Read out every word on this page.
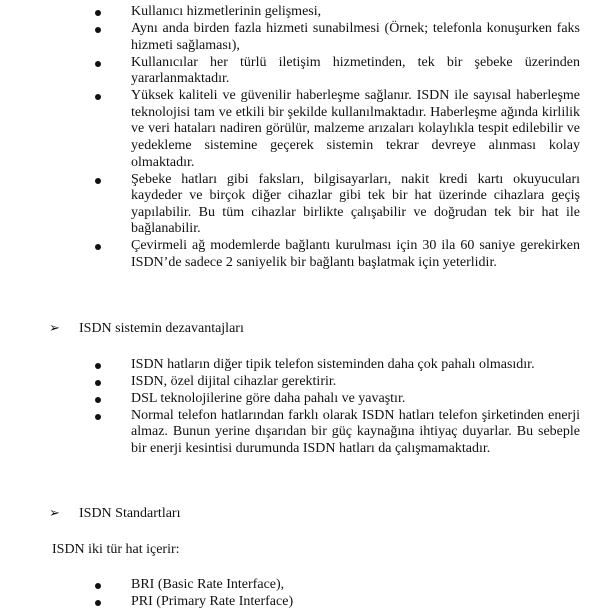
Kullanıcı hizmetlerinin gelişmesi,
Aynı anda birden fazla hizmeti sunabilmesi (Örnek; telefonla konuşurken faks hizmeti sağlaması),
Kullanıcılar her türlü iletişim hizmetinden, tek bir şebeke üzerinden yararlanmaktadır.
Yüksek kaliteli ve güvenilir haberleşme sağlanır. ISDN ile sayısal haberleşme teknolojisi tam ve etkili bir şekilde kullanılmaktadır. Haberleşme ağında kirlilik ve veri hataları nadiren görülür, malzeme arızaları kolaylıkla tespit edilebilir ve yedekleme sistemine geçerek sistemin tekrar devreye alınması kolay olmaktadır.
Şebeke hatları gibi faksları, bilgisayarları, nakit kredi kartı okuyucuları kaydeder ve birçok diğer cihazlar gibi tek bir hat üzerinde cihazlara geçiş yapılabilir. Bu tüm cihazlar birlikte çalışabilir ve doğrudan tek bir hat ile bağlanabilir.
Çevirmeli ağ modemlerde bağlantı kurulması için 30 ila 60 saniye gerekirken ISDN’de sadece 2 saniyelik bir bağlantı başlatmak için yeterlidir.
➢ ISDN sistemin dezavantajları
ISDN hatların diğer tipik telefon sisteminden daha çok pahalı olmasıdır.
ISDN, özel dijital cihazlar gerektirir.
DSL teknolojilerine göre daha pahalı ve yavaştır.
Normal telefon hatlarından farklı olarak ISDN hatları telefon şirketinden enerji almaz. Bunun yerine dışarıdan bir güç kaynağına ihtiyaç duyarlar. Bu sebeple bir enerji kesintisi durumunda ISDN hatları da çalışmamaktadır.
➢ ISDN Standartları
ISDN iki tür hat içerir:
BRI (Basic Rate Interface),
PRI (Primary Rate Interface)
